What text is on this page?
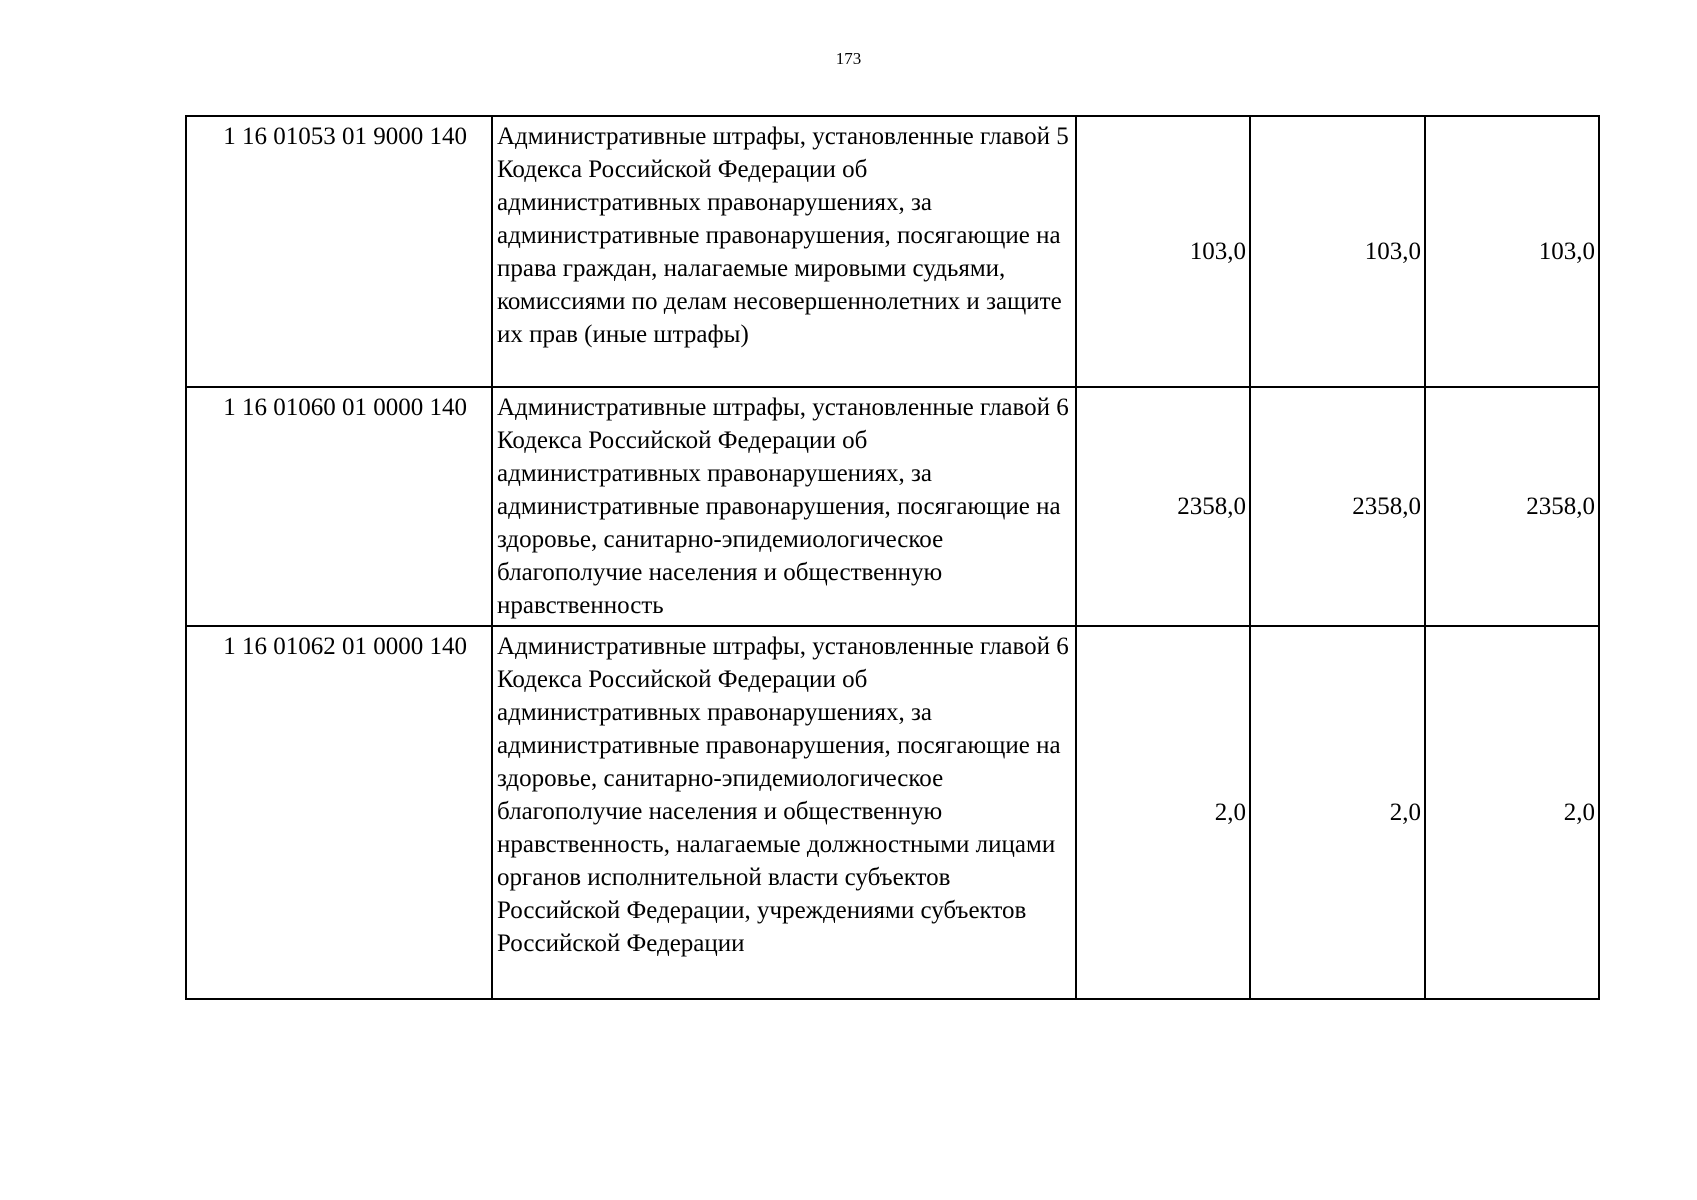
173
1 16 01053 01 9000 140	Административные штрафы, установленные главой 5 Кодекса Российской Федерации об административных правонарушениях, за административные правонарушения, посягающие на права граждан, налагаемые мировыми судьями, комиссиями по делам несовершеннолетних и защите их прав (иные штрафы)	103,0	103,0	103,0
1 16 01060 01 0000 140	Административные штрафы, установленные главой 6 Кодекса Российской Федерации об административных правонарушениях, за административные правонарушения, посягающие на здоровье, санитарно-эпидемиологическое благополучие населения и общественную нравственность	2358,0	2358,0	2358,0
1 16 01062 01 0000 140	Административные штрафы, установленные главой 6 Кодекса Российской Федерации об административных правонарушениях, за административные правонарушения, посягающие на здоровье, санитарно-эпидемиологическое благополучие населения и общественную нравственность, налагаемые должностными лицами органов исполнительной власти субъектов Российской Федерации, учреждениями субъектов Российской Федерации	2,0	2,0	2,0
